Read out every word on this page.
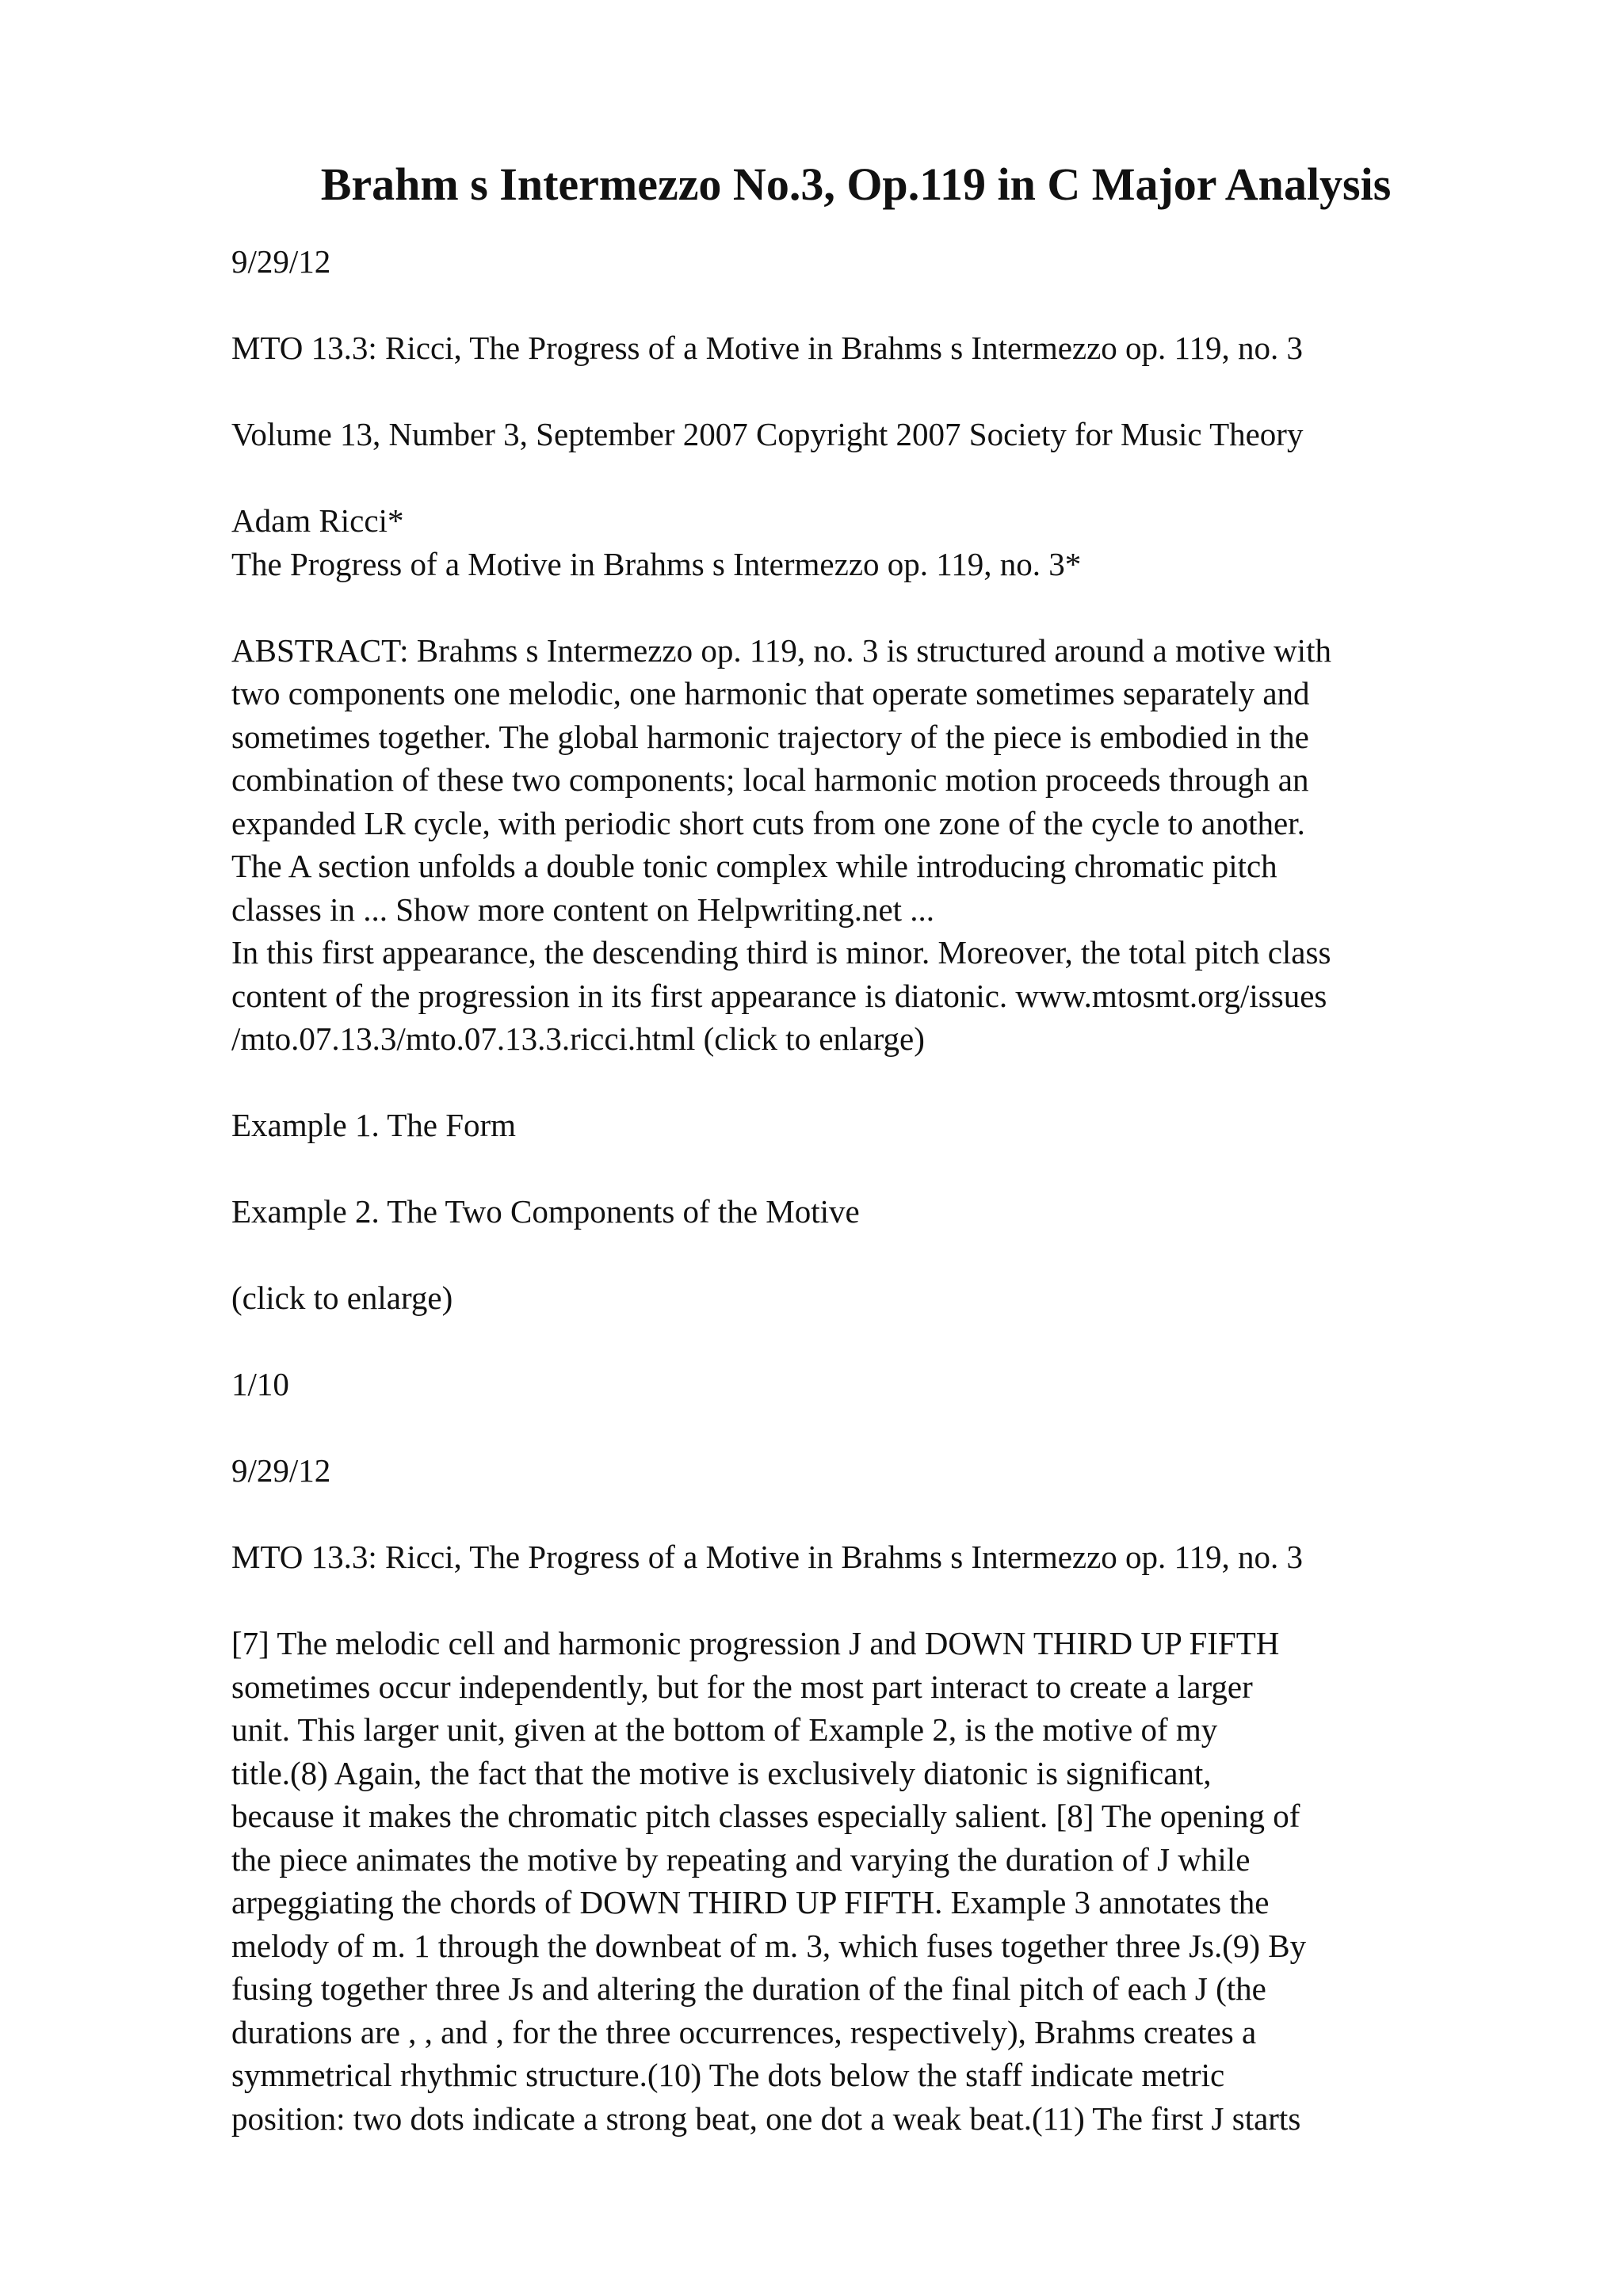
Brahm s Intermezzo No.3, Op.119 in C Major Analysis

9/29/12

MTO 13.3: Ricci, The Progress of a Motive in Brahms s Intermezzo op. 119, no. 3

Volume 13, Number 3, September 2007 Copyright 2007 Society for Music Theory

Adam Ricci*

The Progress of a Motive in Brahms s Intermezzo op. 119, no. 3*

ABSTRACT: Brahms s Intermezzo op. 119, no. 3 is structured around a motive with

two components one melodic, one harmonic that operate sometimes separately and

sometimes together. The global harmonic trajectory of the piece is embodied in the

combination of these two components; local harmonic motion proceeds through an

expanded LR cycle, with periodic short cuts from one zone of the cycle to another.

The A section unfolds a double tonic complex while introducing chromatic pitch

classes in ... Show more content on Helpwriting.net ...

In this first appearance, the descending third is minor. Moreover, the total pitch class

content of the progression in its first appearance is diatonic. www.mtosmt.org/issues

/mto.07.13.3/mto.07.13.3.ricci.html (click to enlarge)

Example 1. The Form

Example 2. The Two Components of the Motive

(click to enlarge)

1/10

9/29/12

MTO 13.3: Ricci, The Progress of a Motive in Brahms s Intermezzo op. 119, no. 3

[7] The melodic cell and harmonic progression J and DOWN THIRD UP FIFTH

sometimes occur independently, but for the most part interact to create a larger

unit. This larger unit, given at the bottom of Example 2, is the motive of my

title.(8) Again, the fact that the motive is exclusively diatonic is significant,

because it makes the chromatic pitch classes especially salient. [8] The opening of

the piece animates the motive by repeating and varying the duration of J while

arpeggiating the chords of DOWN THIRD UP FIFTH. Example 3 annotates the

melody of m. 1 through the downbeat of m. 3, which fuses together three Js.(9) By

fusing together three Js and altering the duration of the final pitch of each J (the

durations are , , and , for the three occurrences, respectively), Brahms creates a

symmetrical rhythmic structure.(10) The dots below the staff indicate metric

position: two dots indicate a strong beat, one dot a weak beat.(11) The first J starts
